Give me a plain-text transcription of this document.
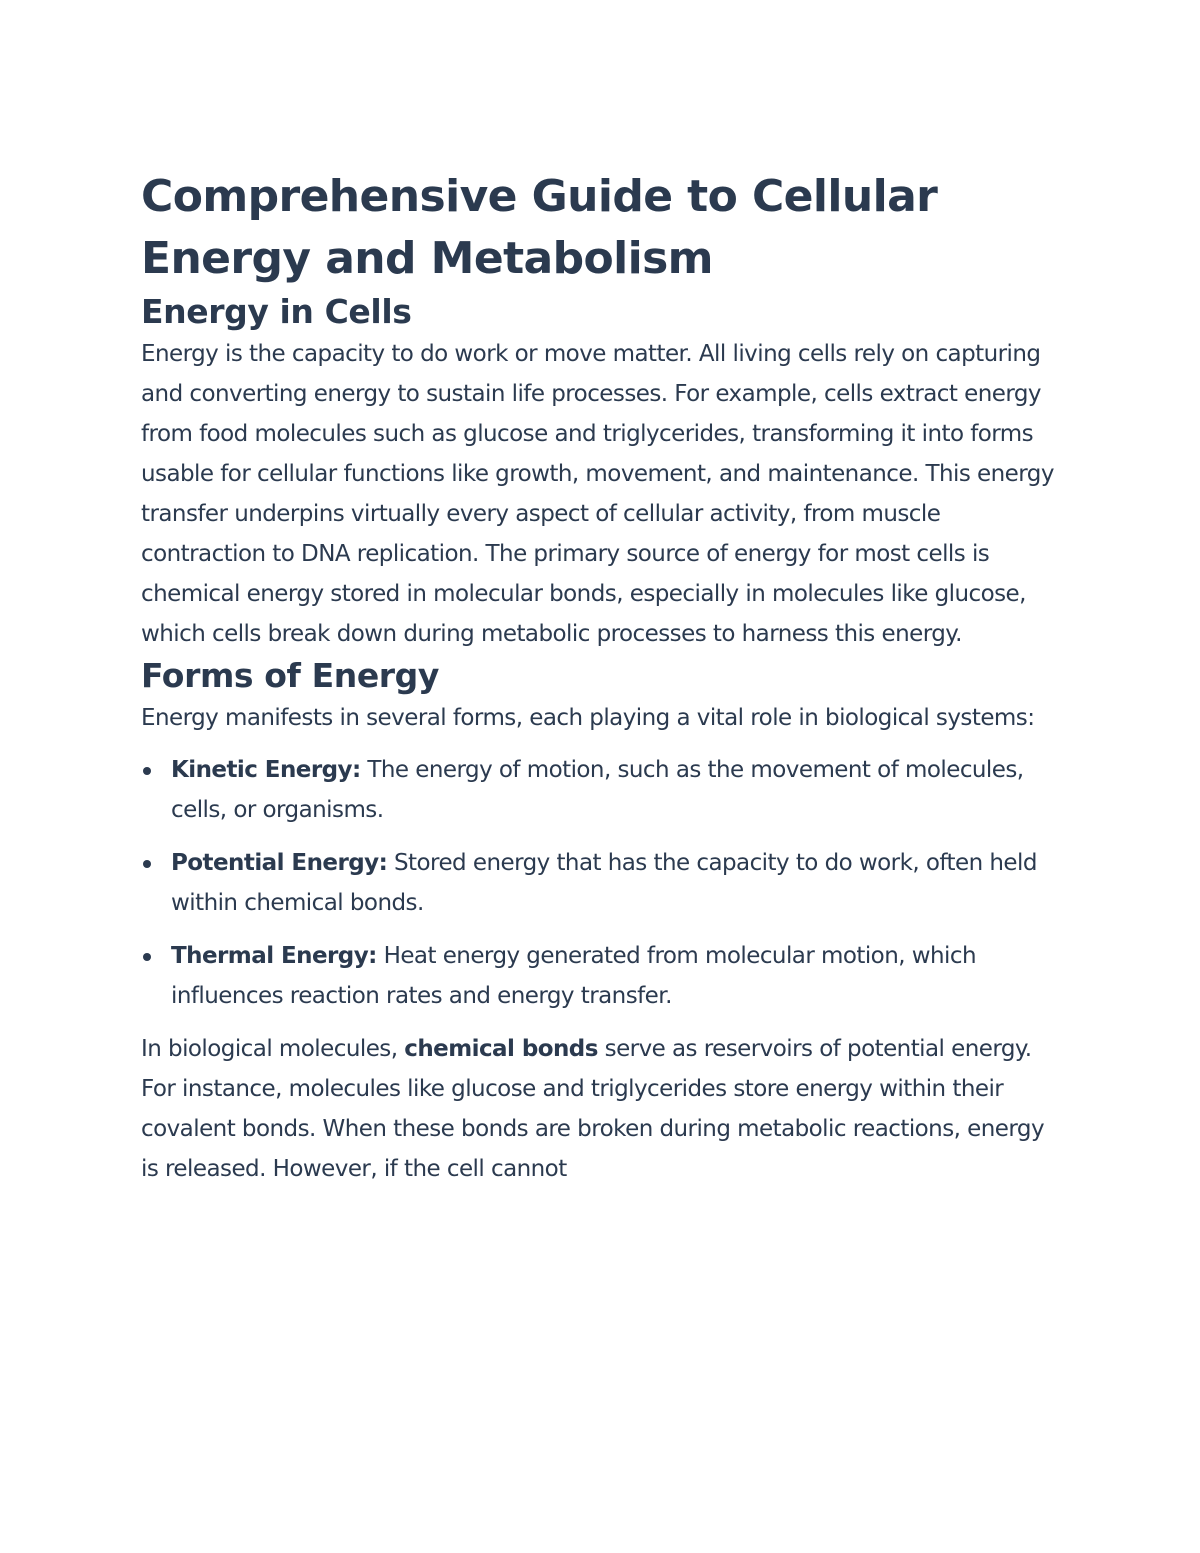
Comprehensive Guide to Cellular Energy and Metabolism
Energy in Cells

Energy is the capacity to do work or move matter. All living cells rely on capturing and converting energy to sustain life processes. For example, cells extract energy from food molecules such as glucose and triglycerides, transforming it into forms usable for cellular functions like growth, movement, and maintenance. This energy transfer underpins virtually every aspect of cellular activity, from muscle contraction to DNA replication. The primary source of energy for most cells is chemical energy stored in molecular bonds, especially in molecules like glucose, which cells break down during metabolic processes to harness this energy.

Forms of Energy

Energy manifests in several forms, each playing a vital role in biological systems:

Kinetic Energy: The energy of motion, such as the movement of molecules, cells, or organisms.
Potential Energy: Stored energy that has the capacity to do work, often held within chemical bonds.
Thermal Energy: Heat energy generated from molecular motion, which influences reaction rates and energy transfer.

In biological molecules, chemical bonds serve as reservoirs of potential energy. For instance, molecules like glucose and triglycerides store energy within their covalent bonds. When these bonds are broken during metabolic reactions, energy is released. However, if the cell cannot
